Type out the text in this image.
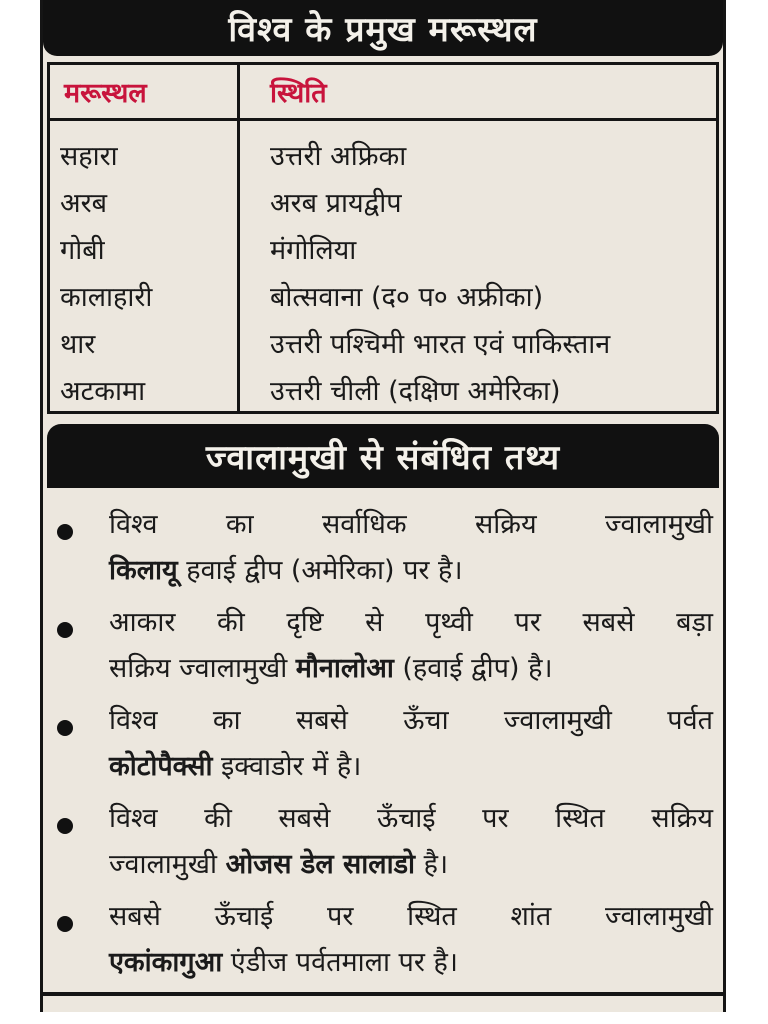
विश्व के प्रमुख मरूस्थल
मरूस्थल	स्थिति
सहारा	उत्तरी अफ्रिका
अरब	अरब प्रायद्वीप
गोबी	मंगोलिया
कालाहारी	बोत्सवाना (द० प० अफ्रीका)
थार	उत्तरी पश्चिमी भारत एवं पाकिस्तान
अटकामा	उत्तरी चीली (दक्षिण अमेरिका)
ज्वालामुखी से संबंधित तथ्य
विश्व का सर्वाधिक सक्रिय ज्वालामुखी
किलायू हवाई द्वीप (अमेरिका) पर है।
आकार की दृष्टि से पृथ्वी पर सबसे बड़ा
सक्रिय ज्वालामुखी मौनालोआ (हवाई द्वीप) है।
विश्व का सबसे ऊँचा ज्वालामुखी पर्वत
कोटोपैक्सी इक्वाडोर में है।
विश्व की सबसे ऊँचाई पर स्थित सक्रिय
ज्वालामुखी ओजस डेल सालाडो है।
सबसे ऊँचाई पर स्थित शांत ज्वालामुखी
एकांकागुआ एंडीज पर्वतमाला पर है।
